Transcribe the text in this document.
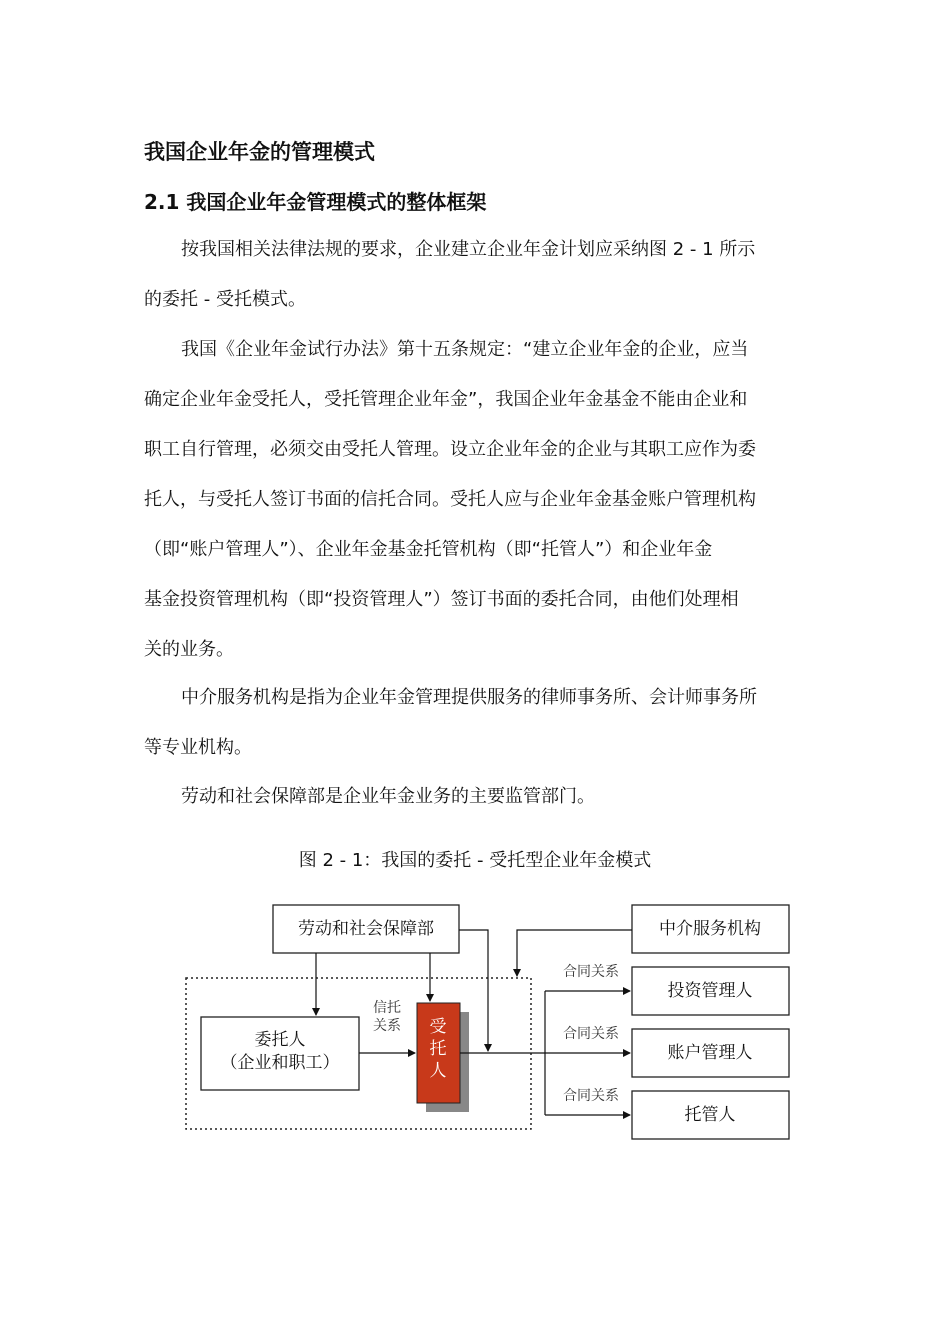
我国企业年金的管理模式
2.1 我国企业年金管理模式的整体框架

按我国相关法律法规的要求，企业建立企业年金计划应采纳图 2 - 1 所示
的委托 - 受托模式。

我国《企业年金试行办法》第十五条规定：“建立企业年金的企业，应当
确定企业年金受托人，受托管理企业年金”，我国企业年金基金不能由企业和
职工自行管理，必须交由受托人管理。设立企业年金的企业与其职工应作为委
托人，与受托人签订书面的信托合同。受托人应与企业年金基金账户管理机构
（即“账户管理人”）、企业年金基金托管机构（即“托管人”）和企业年金
基金投资管理机构（即“投资管理人”）签订书面的委托合同，由他们处理相
关的业务。

中介服务机构是指为企业年金管理提供服务的律师事务所、会计师事务所
等专业机构。

劳动和社会保障部是企业年金业务的主要监管部门。

图 2 - 1：我国的委托 - 受托型企业年金模式
劳动和社会保障部	中介服务机构
委托人
（企业和职工）
受
托
人
信托
关系
投资管理人
账户管理人
托管人
合同关系
合同关系
合同关系
